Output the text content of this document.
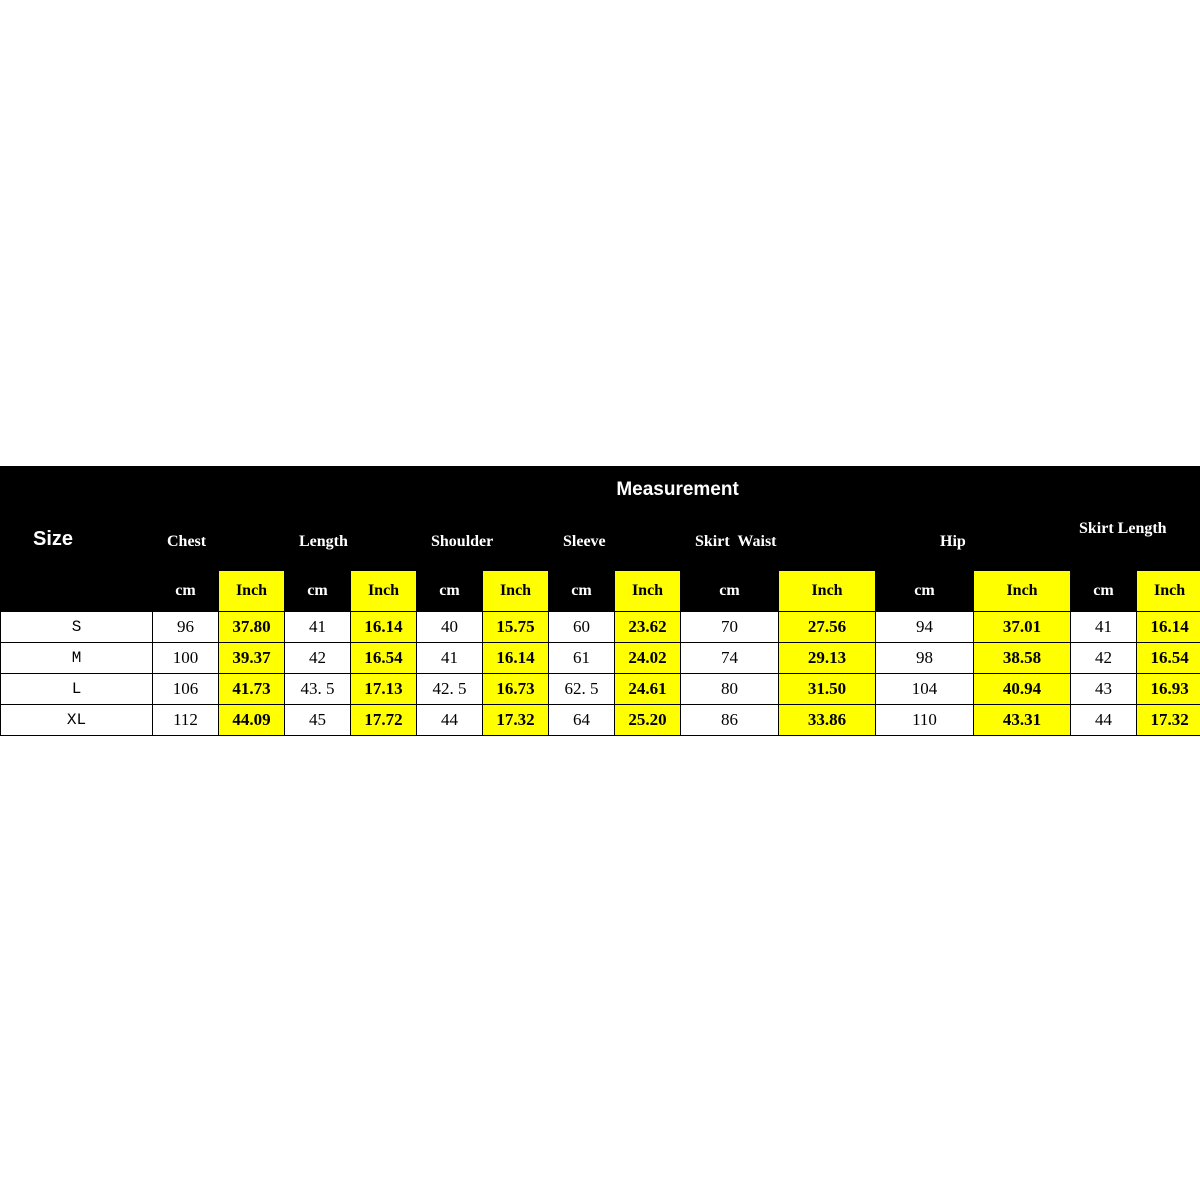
Size	Measurement													
	Chest		Length		Shoulder		Sleeve		Skirt  Waist		Hip		Skirt Length	
	cm	Inch	cm	Inch	cm	Inch	cm	Inch	cm	Inch	cm	Inch	cm	Inch
S	96	37.80	41	16.14	40	15.75	60	23.62	70	27.56	94	37.01	41	16.14
M	100	39.37	42	16.54	41	16.14	61	24.02	74	29.13	98	38.58	42	16.54
L	106	41.73	43. 5	17.13	42. 5	16.73	62. 5	24.61	80	31.50	104	40.94	43	16.93
XL	112	44.09	45	17.72	44	17.32	64	25.20	86	33.86	110	43.31	44	17.32
